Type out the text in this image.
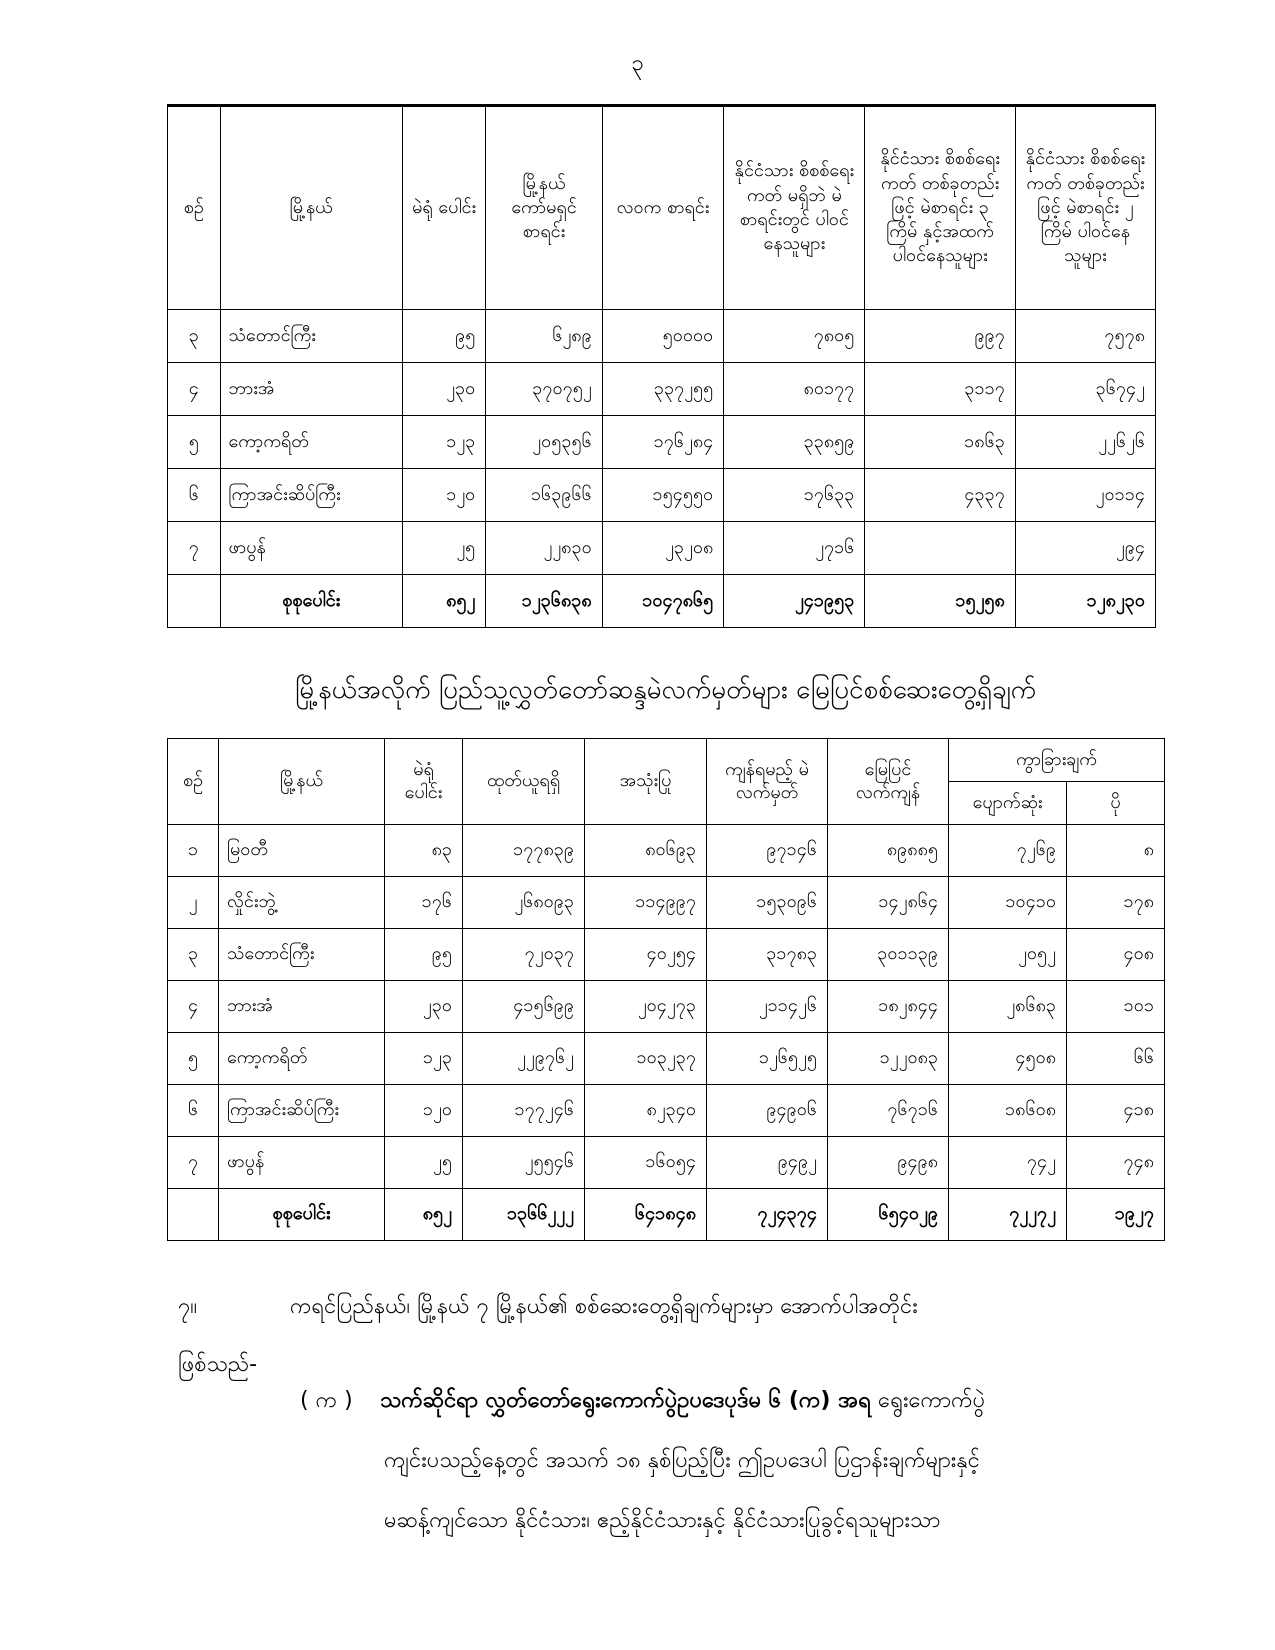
၃
စဉ်	မြို့နယ်	မဲရုံ ပေါင်း	မြို့နယ် ကော်မရှင် စာရင်း	လဝက စာရင်း	နိုင်ငံသား စိစစ်ရေးကတ် မရှိဘဲ မဲစာရင်းတွင် ပါဝင်နေသူများ	နိုင်ငံသား စိစစ်ရေးကတ် တစ်ခုတည်းဖြင့် မဲစာရင်း ၃ ကြိမ် နှင့်အထက် ပါဝင်နေသူများ	နိုင်ငံသား စိစစ်ရေးကတ် တစ်ခုတည်းဖြင့် မဲစာရင်း ၂ ကြိမ် ပါဝင်နေသူများ
၃	သံတောင်ကြီး	၉၅	၆၂၈၉	၅၀၀၀၀	၇၈၀၅	၉၉၇	၇၅၇၈
၄	ဘားအံ	၂၃၀	၃၇၀၇၅၂	၃၃၇၂၅၅	၈၀၁၇၇	၃၁၁၇	၃၆၇၄၂
၅	ကော့ကရိတ်	၁၂၃	၂၀၅၃၅၆	၁၇၆၂၈၄	၃၃၈၅၉	၁၈၆၃	၂၂၆၂၆
၆	ကြာအင်းဆိပ်ကြီး	၁၂၀	၁၆၃၉၆၆	၁၅၄၅၅၀	၁၇၆၃၃	၄၃၃၇	၂၀၁၁၄
၇	ဖာပွန်	၂၅	၂၂၈၃၀	၂၃၂၀၈	၂၇၁၆		၂၉၄
	စုစုပေါင်း	၈၅၂	၁၂၃၆၈၃၈	၁၀၄၇၈၆၅	၂၄၁၉၅၃	၁၅၂၅၈	၁၂၈၂၃၀
မြို့နယ်အလိုက် ပြည်သူ့လွှတ်တော်ဆန္ဒမဲလက်မှတ်များ မြေပြင်စစ်ဆေးတွေ့ရှိချက်
စဉ်	မြို့နယ်	မဲရုံ ပေါင်း	ထုတ်ယူရရှိ	အသုံးပြု	ကျန်ရမည့် မဲလက်မှတ်	မြေပြင် လက်ကျန်	ကွာခြားချက်	
							ပျောက်ဆုံး	ပို
၁	မြဝတီ	၈၃	၁၇၇၈၃၉	၈၀၆၉၃	၉၇၁၄၆	၈၉၈၈၅	၇၂၆၉	၈
၂	လှိုင်းဘွဲ့	၁၇၆	၂၆၈၀၉၃	၁၁၄၉၉၇	၁၅၃၀၉၆	၁၄၂၈၆၄	၁၀၄၁၀	၁၇၈
၃	သံတောင်ကြီး	၉၅	၇၂၀၃၇	၄၀၂၅၄	၃၁၇၈၃	၃၀၁၁၃၉	၂၀၅၂	၄၀၈
၄	ဘားအံ	၂၃၀	၄၁၅၆၉၉	၂၀၄၂၇၃	၂၁၁၄၂၆	၁၈၂၈၄၄	၂၈၆၈၃	၁၀၁
၅	ကော့ကရိတ်	၁၂၃	၂၂၉၇၆၂	၁၀၃၂၃၇	၁၂၆၅၂၅	၁၂၂၀၈၃	၄၅၀၈	၆၆
၆	ကြာအင်းဆိပ်ကြီး	၁၂၀	၁၇၇၂၄၆	၈၂၃၄၀	၉၄၉၀၆	၇၆၇၁၆	၁၈၆၀၈	၄၁၈
၇	ဖာပွန်	၂၅	၂၅၅၄၆	၁၆၀၅၄	၉၄၉၂	၉၄၉၈	၇၄၂	၇၄၈
	စုစုပေါင်း	၈၅၂	၁၃၆၆၂၂၂	၆၄၁၈၄၈	၇၂၄၃၇၄	၆၅၄၀၂၉	၇၂၂၇၂	၁၉၂၇
၇။	ကရင်ပြည်နယ်၊ မြို့နယ် ၇ မြို့နယ်၏ စစ်ဆေးတွေ့ရှိချက်များမှာ အောက်ပါအတိုင်း
ဖြစ်သည်-
( က ) သက်ဆိုင်ရာ လွှတ်တော်ရွေးကောက်ပွဲဥပဒေပုဒ်မ ၆ (က) အရ ရွေးကောက်ပွဲ
ကျင်းပသည့်နေ့တွင် အသက် ၁၈ နှစ်ပြည့်ပြီး ဤဥပဒေပါ ပြဌာန်းချက်များနှင့်
မဆန့်ကျင်သော နိုင်ငံသား၊ ဧည့်နိုင်ငံသားနှင့် နိုင်ငံသားပြုခွင့်ရသူများသာ
